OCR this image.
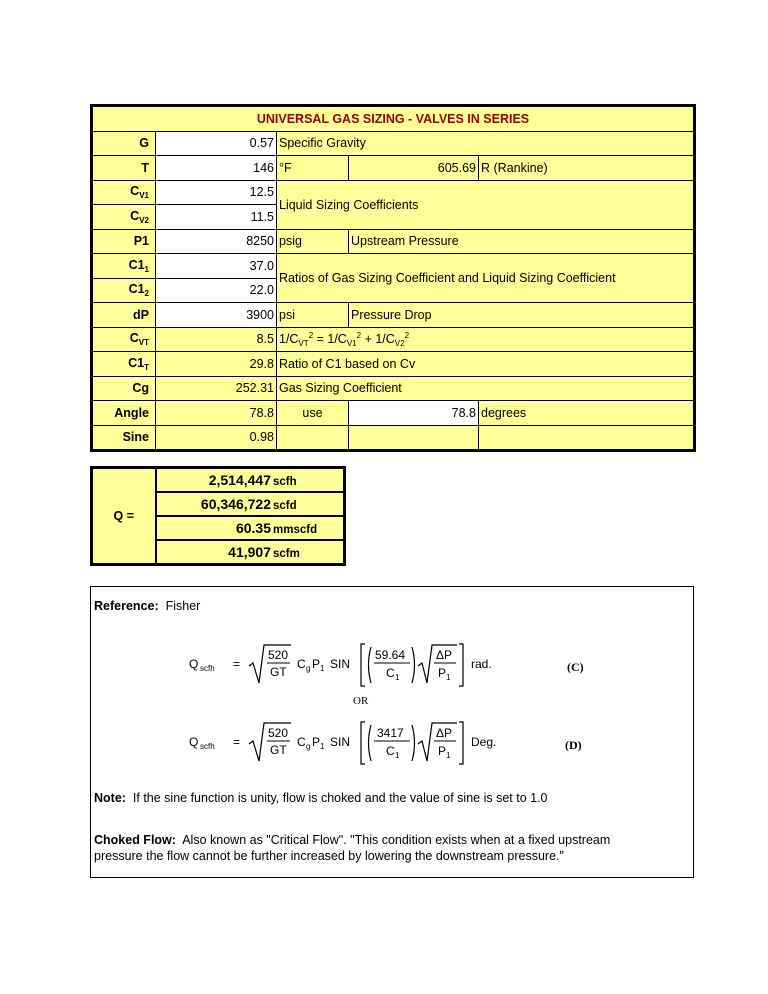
UNIVERSAL GAS SIZING - VALVES IN SERIES				
G	0.57	Specific Gravity		
T	146	°F	605.69	R (Rankine)
$C_{V1}$	12.5	Liquid Sizing Coefficients		
$C_{V2}$	11.5			
P1	8250	psig	Upstream Pressure	
$C1_1$	37.0	Ratios of Gas Sizing Coefficient and Liquid Sizing Coefficient		
$C1_2$	22.0			
dP	3900	psi	Pressure Drop	
$C_{VT}$	8.5	$1/C_{VT}^2 = 1/C_{V1}^2 + 1/C_{V2}^2$
$C1_T$	29.8	Ratio of C1 based on Cv		
Cg	252.31	Gas Sizing Coefficient		
Angle	78.8	use	78.8	degrees
Sine	0.98			
Q =	2,514,447 scfh
60,346,722 scfd
60.35 mmscfd
41,907 scfm
Reference: Fisher
Q scfh =
520
GT
C g P 1 SIN
59.64
C 1
ΔP
P 1
rad.	(C)
OR
Q scfh =
520
GT
C g P 1 SIN
3417
C 1
ΔP
P 1
Deg.	(D)
Note: If the sine function is unity, flow is choked and the value of sine is set to 1.0
Choked Flow: Also known as "Critical Flow". "This condition exists when at a fixed upstream
pressure the flow cannot be further increased by lowering the downstream pressure."
